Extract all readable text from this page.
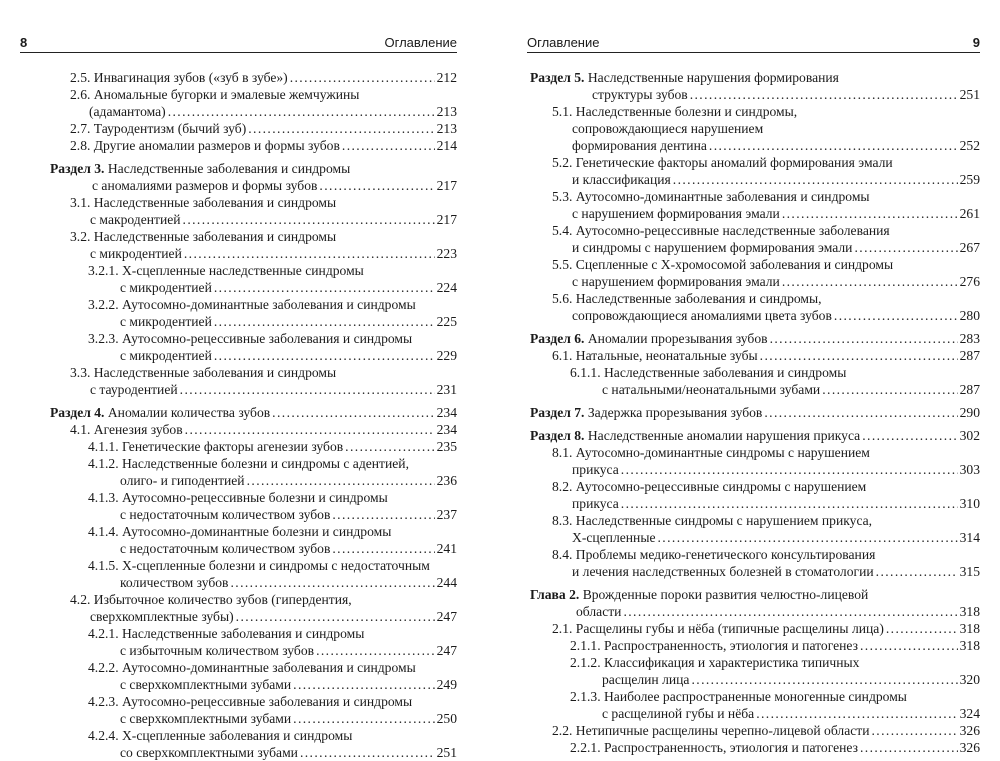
8	Оглавление
2.5. Инвагинация зубов («зуб в зубе») . . .	212
2.6. Аномальные бугорки и эмалевые жемчужины
(адамантома) . . .	213
2.7. Тауродентизм (бычий зуб) . . .	213
2.8. Другие аномалии размеров и формы зубов . . .	214
Раздел 3. Наследственные заболевания и синдромы
с аномалиями размеров и формы зубов . . .	217
3.1. Наследственные заболевания и синдромы
с макродентией . . .	217
3.2. Наследственные заболевания и синдромы
с микродентией . . .	223
3.2.1. Х-сцепленные наследственные синдромы
с микродентией . . .	224
3.2.2. Аутосомно-доминантные заболевания и синдромы
с микродентией . . .	225
3.2.3. Аутосомно-рецессивные заболевания и синдромы
с микродентией . . .	229
3.3. Наследственные заболевания и синдромы
с тауродентией . . .	231
Раздел 4. Аномалии количества зубов . . .	234
4.1. Агенезия зубов . . .	234
4.1.1. Генетические факторы агенезии зубов . . .	235
4.1.2. Наследственные болезни и синдромы с адентией,
олиго- и гиподентией . . .	236
4.1.3. Аутосомно-рецессивные болезни и синдромы
с недостаточным количеством зубов . . .	237
4.1.4. Аутосомно-доминантные болезни и синдромы
с недостаточным количеством зубов . . .	241
4.1.5. Х-сцепленные болезни и синдромы с недостаточным
количеством зубов . . .	244
4.2. Избыточное количество зубов (гипердентия,
сверхкомплектные зубы) . . .	247
4.2.1. Наследственные заболевания и синдромы
с избыточным количеством зубов . . .	247
4.2.2. Аутосомно-доминантные заболевания и синдромы
с сверхкомплектными зубами . . .	249
4.2.3. Аутосомно-рецессивные заболевания и синдромы
с сверхкомплектными зубами . . .	250
4.2.4. Х-сцепленные заболевания и синдромы
со сверхкомплектными зубами . . .	251
Оглавление	9
Раздел 5. Наследственные нарушения формирования
структуры зубов . . .	251
5.1. Наследственные болезни и синдромы,
сопровождающиеся нарушением
формирования дентина . . .	252
5.2. Генетические факторы аномалий формирования эмали
и классификация . . .	259
5.3. Аутосомно-доминантные заболевания и синдромы
с нарушением формирования эмали . . .	261
5.4. Аутосомно-рецессивные наследственные заболевания
и синдромы с нарушением формирования эмали . . .	267
5.5. Сцепленные с Х-хромосомой заболевания и синдромы
с нарушением формирования эмали . . .	276
5.6. Наследственные заболевания и синдромы,
сопровождающиеся аномалиями цвета зубов . . .	280
Раздел 6. Аномалии прорезывания зубов . . .	283
6.1. Натальные, неонатальные зубы . . .	287
6.1.1. Наследственные заболевания и синдромы
с натальными/неонатальными зубами . . .	287
Раздел 7. Задержка прорезывания зубов . . .	290
Раздел 8. Наследственные аномалии нарушения прикуса . . .	302
8.1. Аутосомно-доминантные синдромы с нарушением
прикуса . . .	303
8.2. Аутосомно-рецессивные синдромы с нарушением
прикуса . . .	310
8.3. Наследственные синдромы с нарушением прикуса,
Х-сцепленные . . .	314
8.4. Проблемы медико-генетического консультирования
и лечения наследственных болезней в стоматологии . . .	315
Глава 2. Врожденные пороки развития челюстно-лицевой
области . . .	318
2.1. Расщелины губы и нёба (типичные расщелины лица) . . .	318
2.1.1. Распространенность, этиология и патогенез . . .	318
2.1.2. Классификация и характеристика типичных
расщелин лица . . .	320
2.1.3. Наиболее распространенные моногенные синдромы
с расщелиной губы и нёба . . .	324
2.2. Нетипичные расщелины черепно-лицевой области . . .	326
2.2.1. Распространенность, этиология и патогенез . . .	326
